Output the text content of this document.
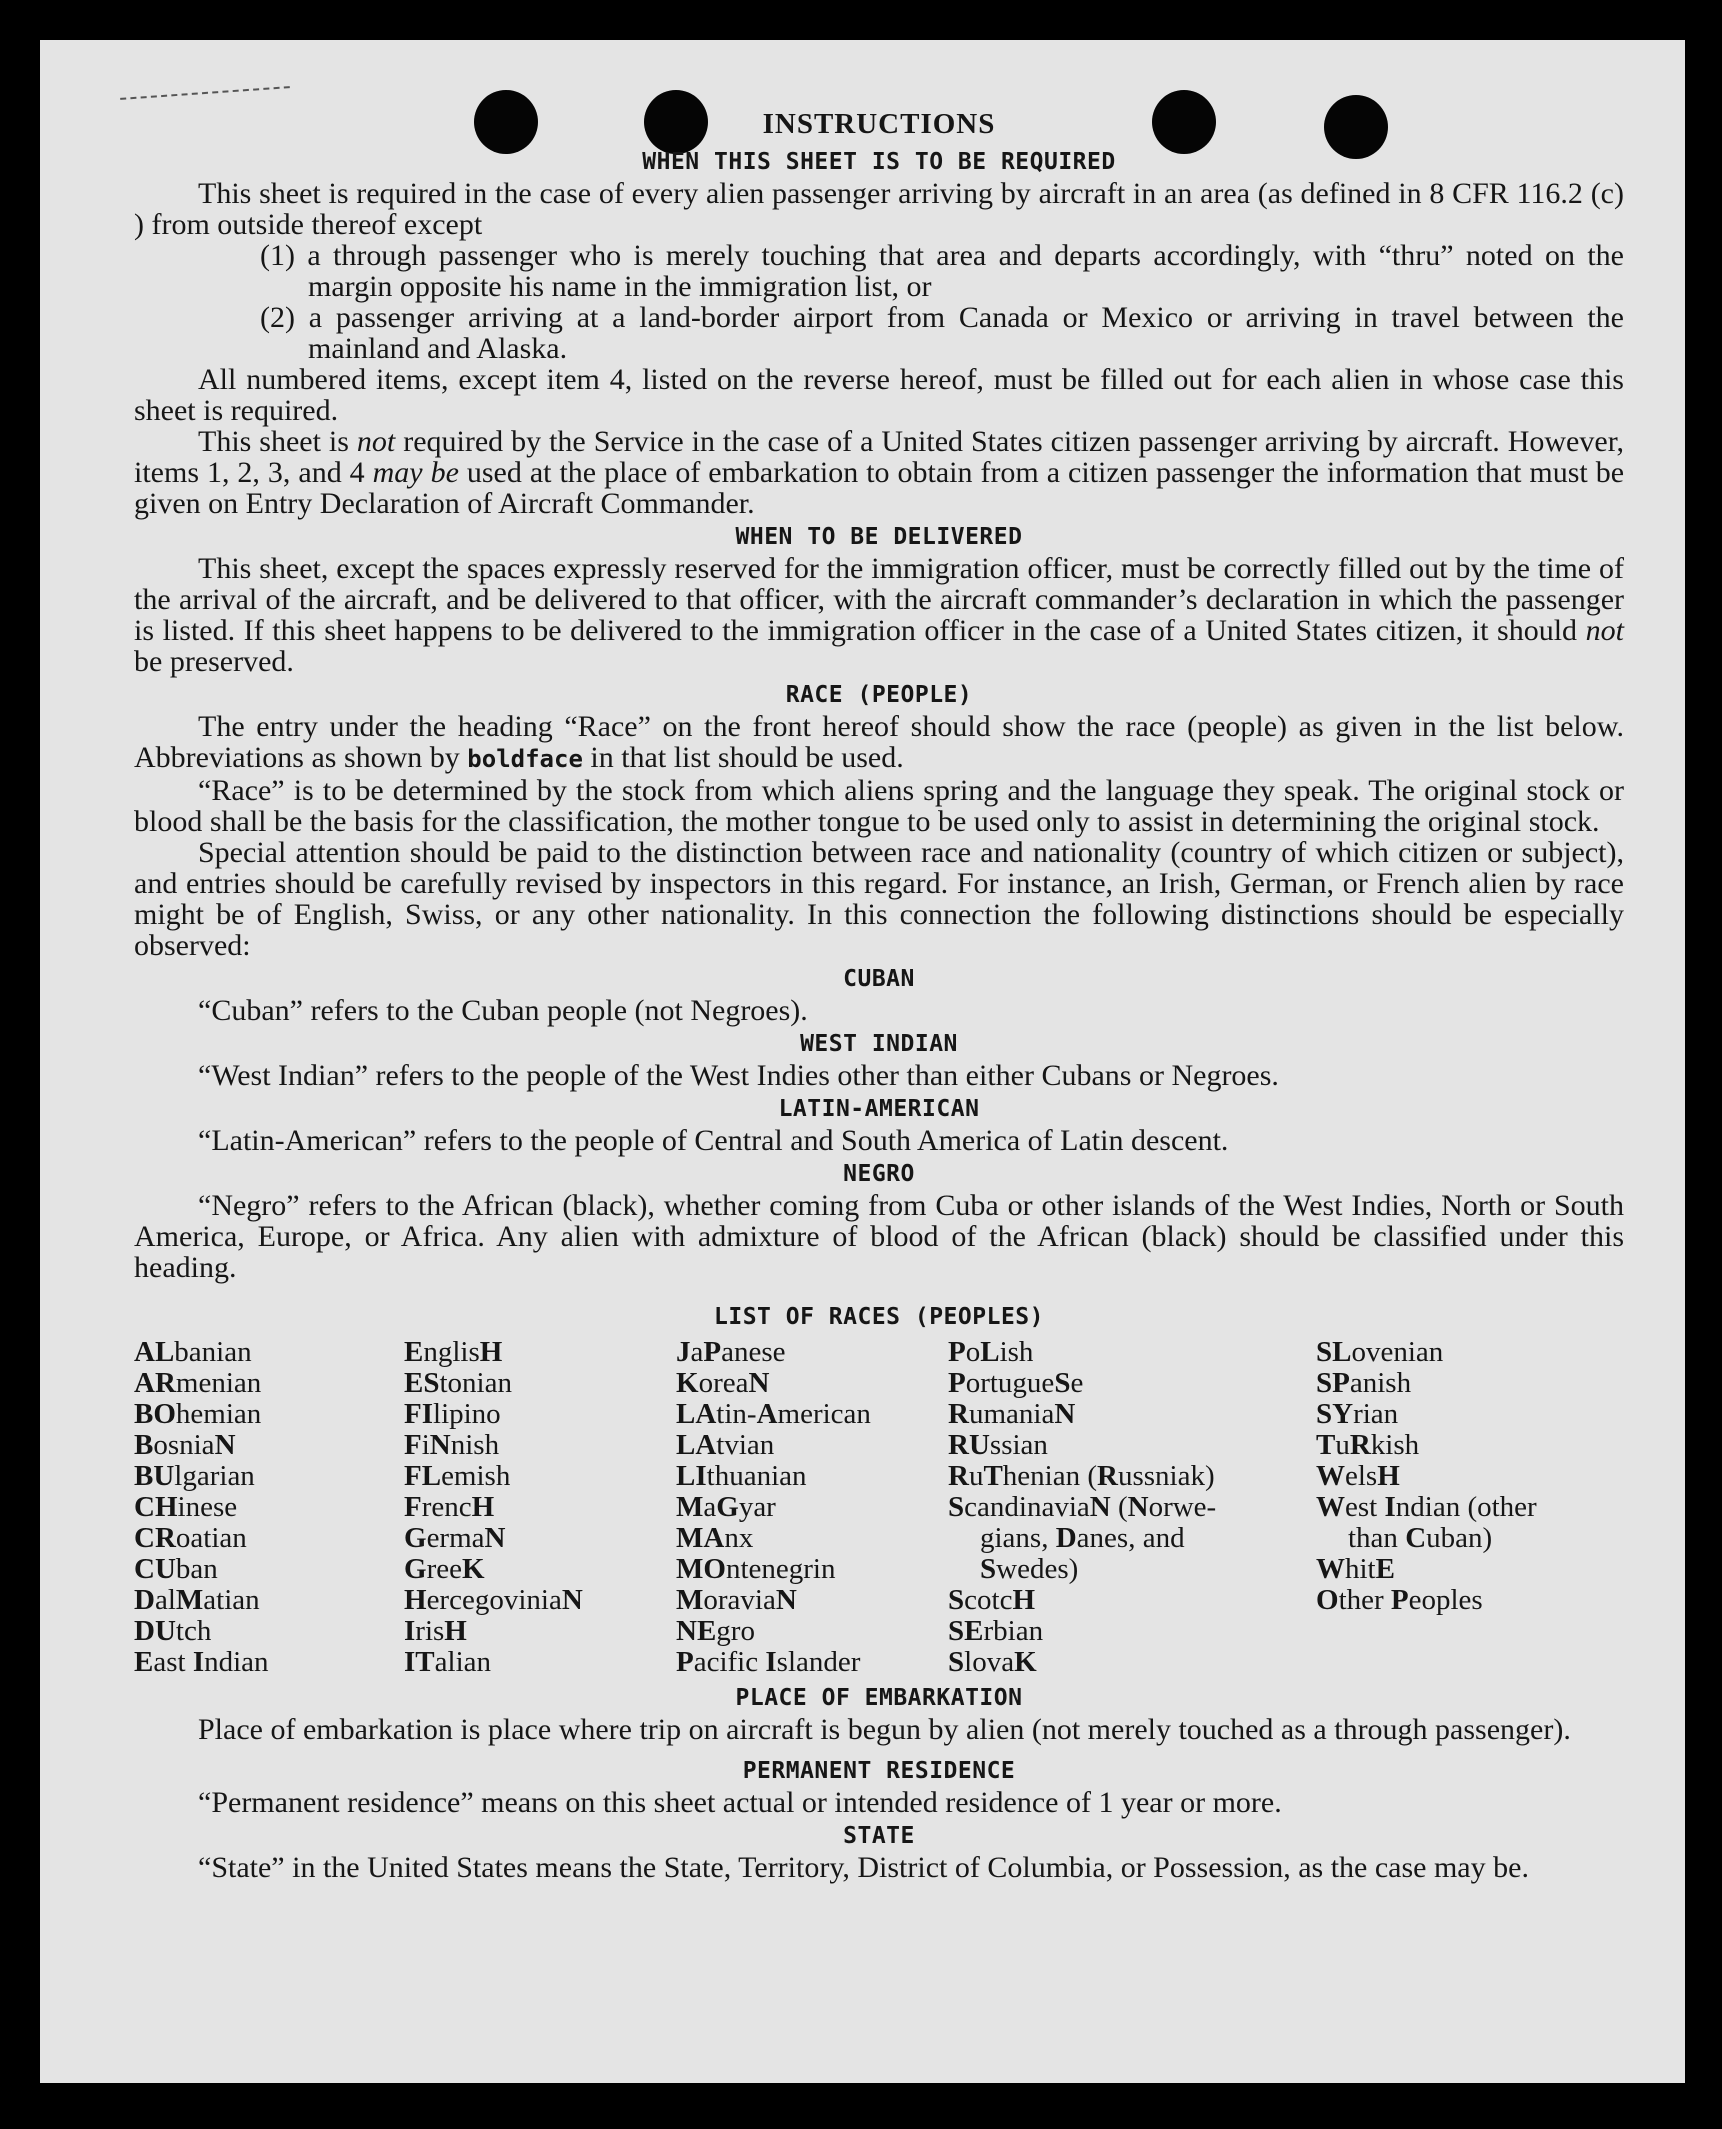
INSTRUCTIONS
WHEN THIS SHEET IS TO BE REQUIRED

This sheet is required in the case of every alien passenger arriving by aircraft in an area (as defined in 8 CFR 116.2 (c) ) from outside thereof except

(1) a through passenger who is merely touching that area and departs accordingly, with “thru” noted on the margin opposite his name in the immigration list, or

(2) a passenger arriving at a land-border airport from Canada or Mexico or arriving in travel between the mainland and Alaska.

All numbered items, except item 4, listed on the reverse hereof, must be filled out for each alien in whose case this sheet is required.

This sheet is not required by the Service in the case of a United States citizen passenger arriving by aircraft. However, items 1, 2, 3, and 4 may be used at the place of embarkation to obtain from a citizen passenger the information that must be given on Entry Declaration of Aircraft Commander.

WHEN TO BE DELIVERED

This sheet, except the spaces expressly reserved for the immigration officer, must be correctly filled out by the time of the arrival of the aircraft, and be delivered to that officer, with the aircraft commander’s declaration in which the passenger is listed. If this sheet happens to be delivered to the immigration officer in the case of a United States citizen, it should not be preserved.

RACE (PEOPLE)

The entry under the heading “Race” on the front hereof should show the race (people) as given in the list below. Abbreviations as shown by boldface in that list should be used.

“Race” is to be determined by the stock from which aliens spring and the language they speak. The original stock or blood shall be the basis for the classification, the mother tongue to be used only to assist in determining the original stock.

Special attention should be paid to the distinction between race and nationality (country of which citizen or subject), and entries should be carefully revised by inspectors in this regard. For instance, an Irish, German, or French alien by race might be of English, Swiss, or any other nationality. In this connection the following distinctions should be especially observed:

CUBAN

“Cuban” refers to the Cuban people (not Negroes).

WEST INDIAN

“West Indian” refers to the people of the West Indies other than either Cubans or Negroes.

LATIN-AMERICAN

“Latin-American” refers to the people of Central and South America of Latin descent.

NEGRO

“Negro” refers to the African (black), whether coming from Cuba or other islands of the West Indies, North or South America, Europe, or Africa. Any alien with admixture of blood of the African (black) should be classified under this heading.

LIST OF RACES (PEOPLES)
ALbanian
ARmenian
BOhemian
BosniaN
BUlgarian
CHinese
CRoatian
CUban
DalMatian
DUtch
East Indian
EnglisH
EStonian
FIlipino
FiNnish
FLemish
FrencH
GermaN
GreeK
HercegoviniaN
IrisH
ITalian
JaPanese
KoreaN
LAtin-American
LAtvian
LIthuanian
MaGyar
MAnx
MOntenegrin
MoraviaN
NEgro
Pacific Islander
PoLish
PortugueSe
RumaniaN
RUssian
RuThenian (Russniak)
ScandinaviaN (Norwe-
gians, Danes, and
Swedes)
ScotcH
SErbian
SlovaK
SLovenian
SPanish
SYrian
TuRkish
WelsH
West Indian (other
than Cuban)
WhitE
Other Peoples
PLACE OF EMBARKATION

Place of embarkation is place where trip on aircraft is begun by alien (not merely touched as a through passenger).

PERMANENT RESIDENCE

“Permanent residence” means on this sheet actual or intended residence of 1 year or more.

STATE

“State” in the United States means the State, Territory, District of Columbia, or Possession, as the case may be.
